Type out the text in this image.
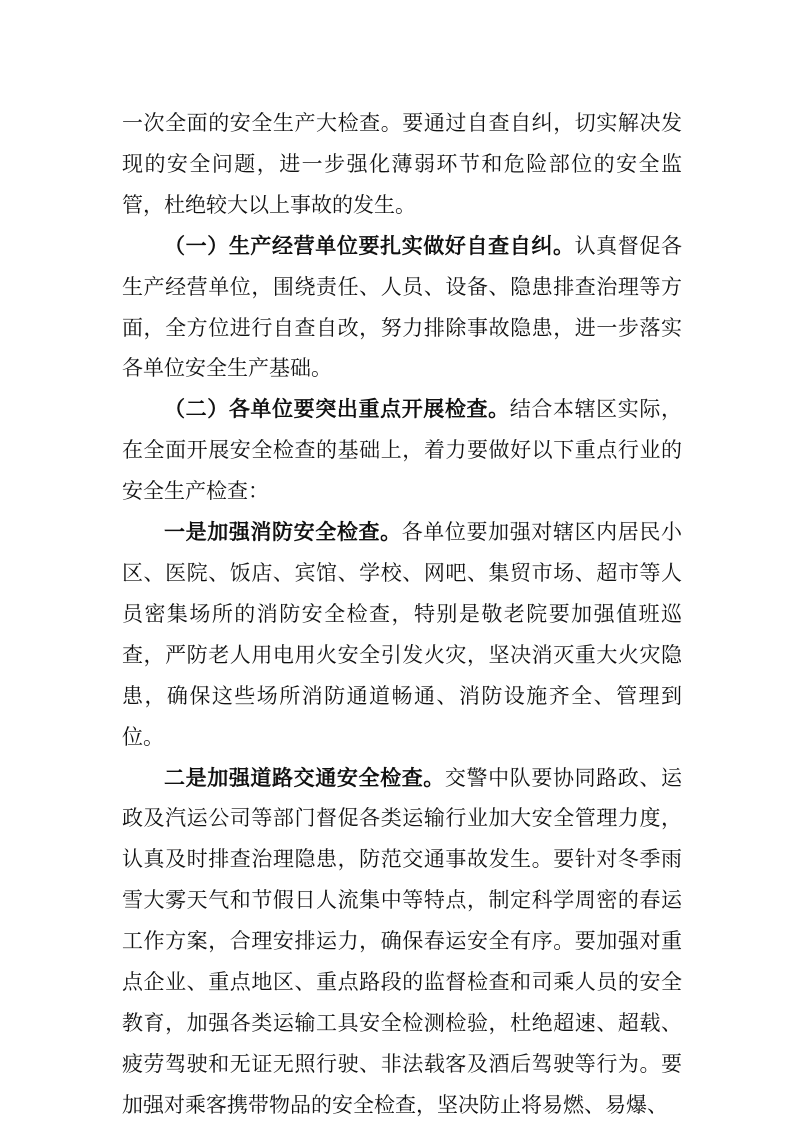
一次全面的安全生产大检查。要通过自查自纠，切实解决发现的安全问题，进一步强化薄弱环节和危险部位的安全监管，杜绝较大以上事故的发生。

（一）生产经营单位要扎实做好自查自纠。认真督促各生产经营单位，围绕责任、人员、设备、隐患排查治理等方面，全方位进行自查自改，努力排除事故隐患，进一步落实各单位安全生产基础。

（二）各单位要突出重点开展检查。结合本辖区实际，在全面开展安全检查的基础上，着力要做好以下重点行业的安全生产检查：

一是加强消防安全检查。各单位要加强对辖区内居民小区、医院、饭店、宾馆、学校、网吧、集贸市场、超市等人员密集场所的消防安全检查，特别是敬老院要加强值班巡查，严防老人用电用火安全引发火灾，坚决消灭重大火灾隐患，确保这些场所消防通道畅通、消防设施齐全、管理到位。

二是加强道路交通安全检查。交警中队要协同路政、运政及汽运公司等部门督促各类运输行业加大安全管理力度，认真及时排查治理隐患，防范交通事故发生。要针对冬季雨雪大雾天气和节假日人流集中等特点，制定科学周密的春运工作方案，合理安排运力，确保春运安全有序。要加强对重点企业、重点地区、重点路段的监督检查和司乘人员的安全教育，加强各类运输工具安全检测检验，杜绝超速、超载、疲劳驾驶和无证无照行驶、非法载客及酒后驾驶等行为。要加强对乘客携带物品的安全检查，坚决防止将易燃、易爆、
